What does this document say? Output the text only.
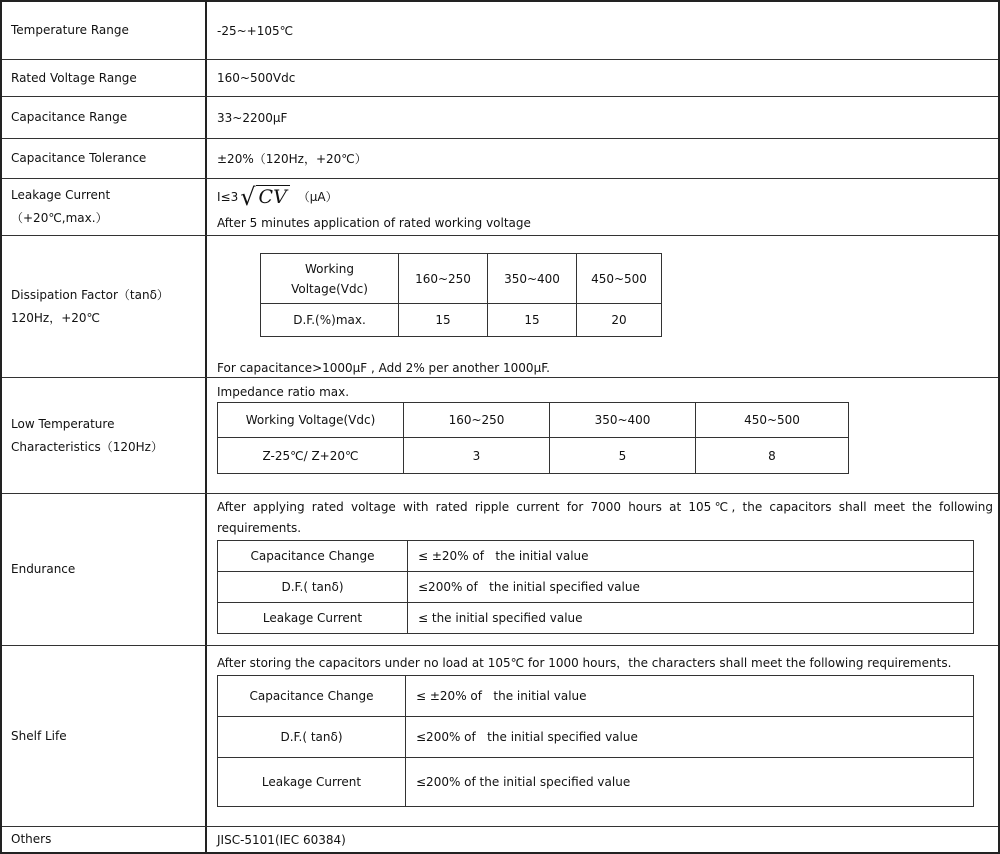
Temperature Range	-25~+105℃
Rated Voltage Range	160~500Vdc
Capacitance Range	33~2200μF
Capacitance Tolerance	±20%（120Hz，+20℃）
Leakage Current
（+20℃,max.）
I≤3 √ CV （μA）
After 5 minutes application of rated working voltage
Dissipation Factor（tanδ）
120Hz，+20℃
Working
Voltage(Vdc)	160~250	350~400	450~500
D.F.(%)max.	15	15	20
For capacitance>1000μF , Add 2% per another 1000μF.
Low Temperature
Characteristics（120Hz）
Impedance ratio max.
Working Voltage(Vdc)	160~250	350~400	450~500
Z-25℃/ Z+20℃	3	5	8
Endurance
After applying rated voltage with rated ripple current for 7000 hours at 105℃, the capacitors shall meet the following
requirements.
Capacitance Change	≤ ±20% of   the initial value
D.F.( tanδ)	≤200% of   the initial specified value
Leakage Current	≤ the initial specified value
Shelf Life
After storing the capacitors under no load at 105℃ for 1000 hours，the characters shall meet the following requirements.
Capacitance Change	≤ ±20% of   the initial value
D.F.( tanδ)	≤200% of   the initial specified value
Leakage Current	≤200% of the initial specified value
Others	JISC-5101(IEC 60384)
